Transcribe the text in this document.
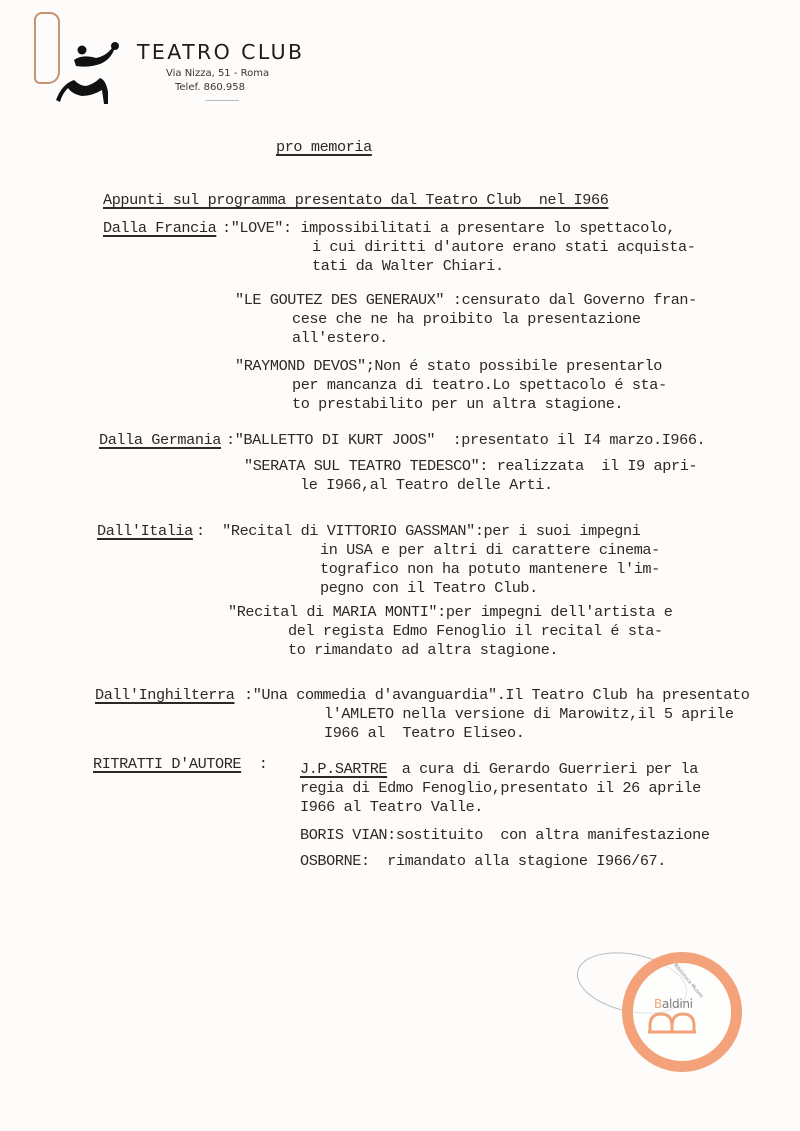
TEATRO CLUB
Via Nizza, 51 - Roma
Telef. 860.958
pro memoria
Appunti sul programma presentato dal Teatro Club  nel I966
Dalla Francia :"LOVE": impossibilitati a presentare lo spettacolo,
i cui diritti d'autore erano stati acquista-
tati da Walter Chiari.
"LE GOUTEZ DES GENERAUX" :censurato dal Governo fran-
cese che ne ha proibito la presentazione
all'estero.
"RAYMOND DEVOS";Non é stato possibile presentarlo
per mancanza di teatro.Lo spettacolo é sta-
to prestabilito per un altra stagione.
Dalla Germania :"BALLETTO DI KURT JOOS"  :presentato il I4 marzo.I966.
"SERATA SUL TEATRO TEDESCO": realizzata  il I9 apri-
le I966,al Teatro delle Arti.
Dall'Italia :  "Recital di VITTORIO GASSMAN":per i suoi impegni
in USA e per altri di carattere cinema-
tografico non ha potuto mantenere l'im-
pegno con il Teatro Club.
"Recital di MARIA MONTI":per impegni dell'artista e
del regista Edmo Fenoglio il recital é sta-
to rimandato ad altra stagione.
Dall'Inghilterra :"Una commedia d'avanguardia".Il Teatro Club ha presentato
l'AMLETO nella versione di Marowitz,il 5 aprile
I966 al  Teatro Eliseo.
RITRATTI D'AUTORE : J.P.SARTRE a cura di Gerardo Guerrieri per la
regia di Edmo Fenoglio,presentato il 26 aprile
I966 al Teatro Valle.
BORIS VIAN:sostituito  con altra manifestazione
OSBORNE:  rimandato alla stagione I966/67.
Biblioteca Museo
Baldini
